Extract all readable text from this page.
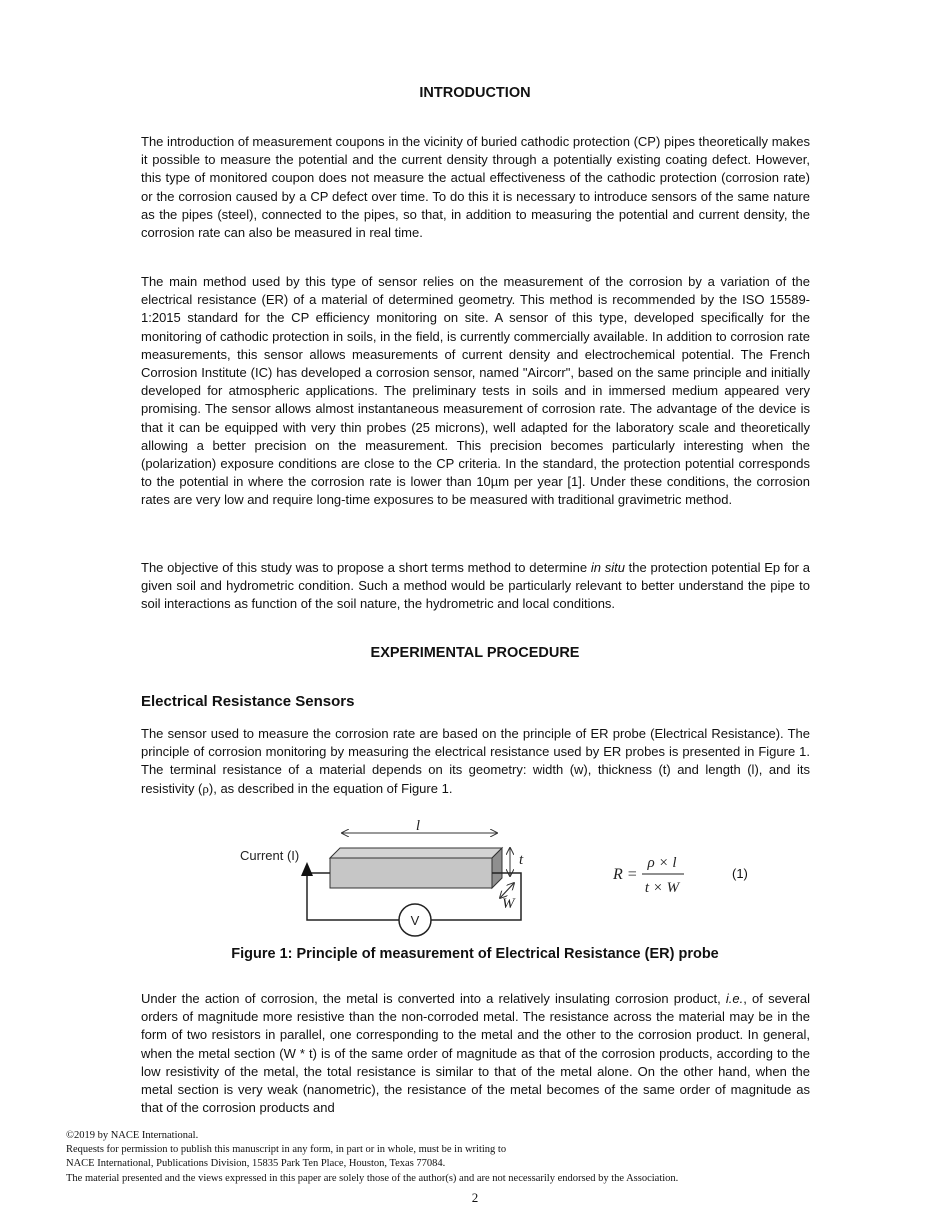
INTRODUCTION

The introduction of measurement coupons in the vicinity of buried cathodic protection (CP) pipes theoretically makes it possible to measure the potential and the current density through a potentially existing coating defect. However, this type of monitored coupon does not measure the actual effectiveness of the cathodic protection (corrosion rate) or the corrosion caused by a CP defect over time. To do this it is necessary to introduce sensors of the same nature as the pipes (steel), connected to the pipes, so that, in addition to measuring the potential and current density, the corrosion rate can also be measured in real time.

The main method used by this type of sensor relies on the measurement of the corrosion by a variation of the electrical resistance (ER) of a material of determined geometry. This method is recommended by the ISO 15589-1:2015 standard for the CP efficiency monitoring on site. A sensor of this type, developed specifically for the monitoring of cathodic protection in soils, in the field, is currently commercially available. In addition to corrosion rate measurements, this sensor allows measurements of current density and electrochemical potential. The French Corrosion Institute (IC) has developed a corrosion sensor, named "Aircorr", based on the same principle and initially developed for atmospheric applications. The preliminary tests in soils and in immersed medium appeared very promising. The sensor allows almost instantaneous measurement of corrosion rate. The advantage of the device is that it can be equipped with very thin probes (25 microns), well adapted for the laboratory scale and theoretically allowing a better precision on the measurement. This precision becomes particularly interesting when the (polarization) exposure conditions are close to the CP criteria. In the standard, the protection potential corresponds to the potential in where the corrosion rate is lower than 10µm per year [1]. Under these conditions, the corrosion rates are very low and require long-time exposures to be measured with traditional gravimetric method.

The objective of this study was to propose a short terms method to determine in situ the protection potential Ep for a given soil and hydrometric condition. Such a method would be particularly relevant to better understand the pipe to soil interactions as function of the soil nature, the hydrometric and local conditions.

EXPERIMENTAL PROCEDURE
Electrical Resistance Sensors

The sensor used to measure the corrosion rate are based on the principle of ER probe (Electrical Resistance). The principle of corrosion monitoring by measuring the electrical resistance used by ER probes is presented in Figure 1. The terminal resistance of a material depends on its geometry: width (w), thickness (t) and length (l), and its resistivity (ρ), as described in the equation of Figure 1.

l
t
W
V
Current (I)
R =
ρ × l
t × W
(1)
Figure 1: Principle of measurement of Electrical Resistance (ER) probe

Under the action of corrosion, the metal is converted into a relatively insulating corrosion product, i.e., of several orders of magnitude more resistive than the non-corroded metal. The resistance across the material may be in the form of two resistors in parallel, one corresponding to the metal and the other to the corrosion product. In general, when the metal section (W * t) is of the same order of magnitude as that of the corrosion products, according to the low resistivity of the metal, the total resistance is similar to that of the metal alone. On the other hand, when the metal section is very weak (nanometric), the resistance of the metal becomes of the same order of magnitude as that of the corrosion products and

©2019 by NACE International.
Requests for permission to publish this manuscript in any form, in part or in whole, must be in writing to
NACE International, Publications Division, 15835 Park Ten Place, Houston, Texas 77084.
The material presented and the views expressed in this paper are solely those of the author(s) and are not necessarily endorsed by the Association.
2
